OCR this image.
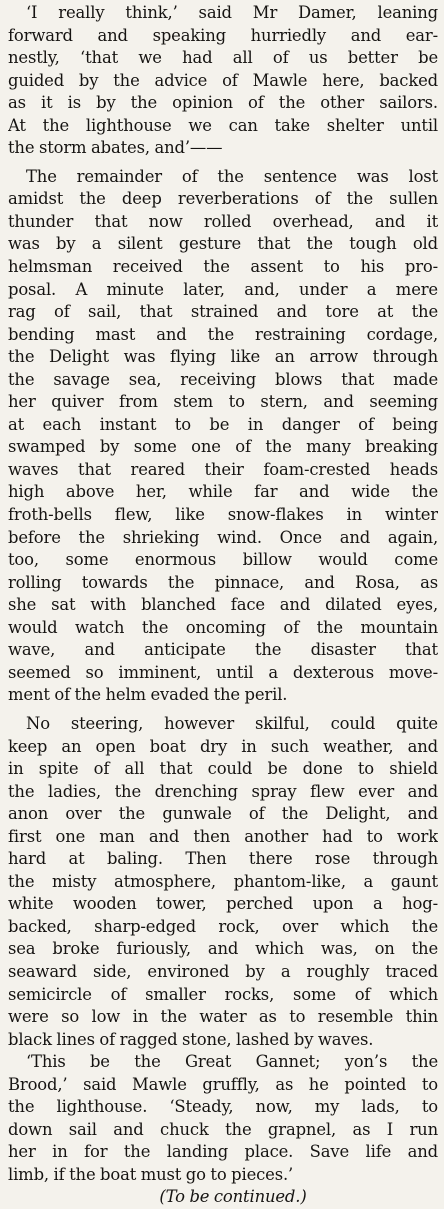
‘I really think,’ said Mr Damer, leaning
forward and speaking hurriedly and ear-
nestly, ‘that we had all of us better be
guided by the advice of Mawle here, backed
as it is by the opinion of the other sailors.
At the lighthouse we can take shelter until
the storm abates, and’——
The remainder of the sentence was lost
amidst the deep reverberations of the sullen
thunder that now rolled overhead, and it
was by a silent gesture that the tough old
helmsman received the assent to his pro-
posal. A minute later, and, under a mere
rag of sail, that strained and tore at the
bending mast and the restraining cordage,
the Delight was flying like an arrow through
the savage sea, receiving blows that made
her quiver from stem to stern, and seeming
at each instant to be in danger of being
swamped by some one of the many breaking
waves that reared their foam-crested heads
high above her, while far and wide the
froth-bells flew, like snow-flakes in winter
before the shrieking wind. Once and again,
too, some enormous billow would come
rolling towards the pinnace, and Rosa, as
she sat with blanched face and dilated eyes,
would watch the oncoming of the mountain
wave, and anticipate the disaster that
seemed so imminent, until a dexterous move-
ment of the helm evaded the peril.
No steering, however skilful, could quite
keep an open boat dry in such weather, and
in spite of all that could be done to shield
the ladies, the drenching spray flew ever and
anon over the gunwale of the Delight, and
first one man and then another had to work
hard at baling. Then there rose through
the misty atmosphere, phantom-like, a gaunt
white wooden tower, perched upon a hog-
backed, sharp-edged rock, over which the
sea broke furiously, and which was, on the
seaward side, environed by a roughly traced
semicircle of smaller rocks, some of which
were so low in the water as to resemble thin
black lines of ragged stone, lashed by waves.
‘This be the Great Gannet; yon’s the
Brood,’ said Mawle gruffly, as he pointed to
the lighthouse. ‘Steady, now, my lads, to
down sail and chuck the grapnel, as I run
her in for the landing place. Save life and
limb, if the boat must go to pieces.’
(To be continued.)
